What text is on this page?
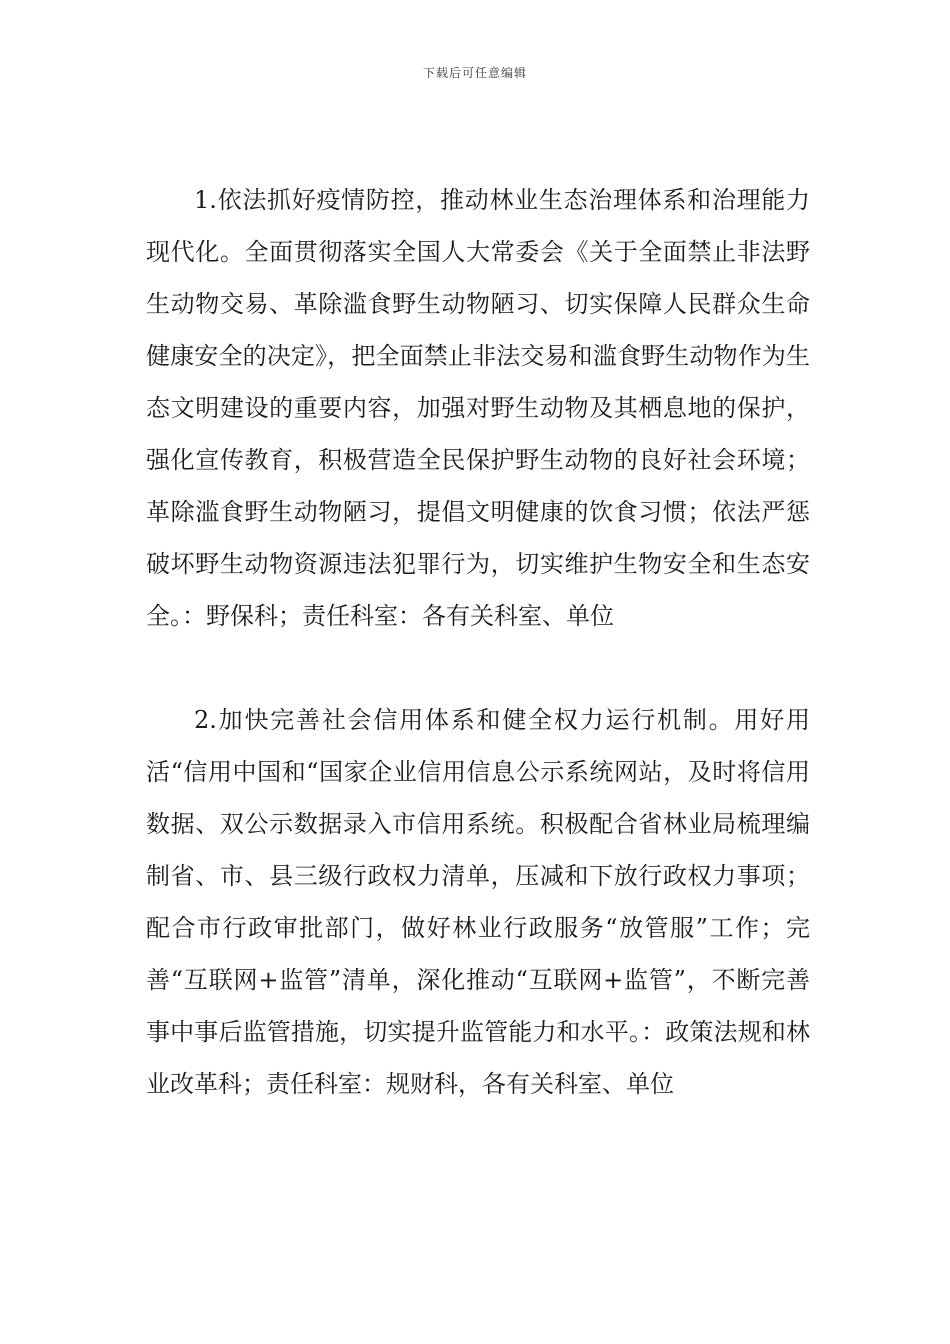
下载后可任意编辑

1.依法抓好疫情防控，推动林业生态治理体系和治理能力现代化。全面贯彻落实全国人大常委会《关于全面禁止非法野生动物交易、革除滥食野生动物陋习、切实保障人民群众生命健康安全的决定》，把全面禁止非法交易和滥食野生动物作为生态文明建设的重要内容，加强对野生动物及其栖息地的保护，强化宣传教育，积极营造全民保护野生动物的良好社会环境；革除滥食野生动物陋习，提倡文明健康的饮食习惯；依法严惩破坏野生动物资源违法犯罪行为，切实维护生物安全和生态安全。：野保科；责任科室：各有关科室、单位

2.加快完善社会信用体系和健全权力运行机制。用好用活“信用中国和“国家企业信用信息公示系统网站，及时将信用数据、双公示数据录入市信用系统。积极配合省林业局梳理编制省、市、县三级行政权力清单，压减和下放行政权力事项；配合市行政审批部门，做好林业行政服务“放管服”工作；完善“互联网+监管”清单，深化推动“互联网+监管”，不断完善事中事后监管措施，切实提升监管能力和水平。：政策法规和林业改革科；责任科室：规财科，各有关科室、单位
